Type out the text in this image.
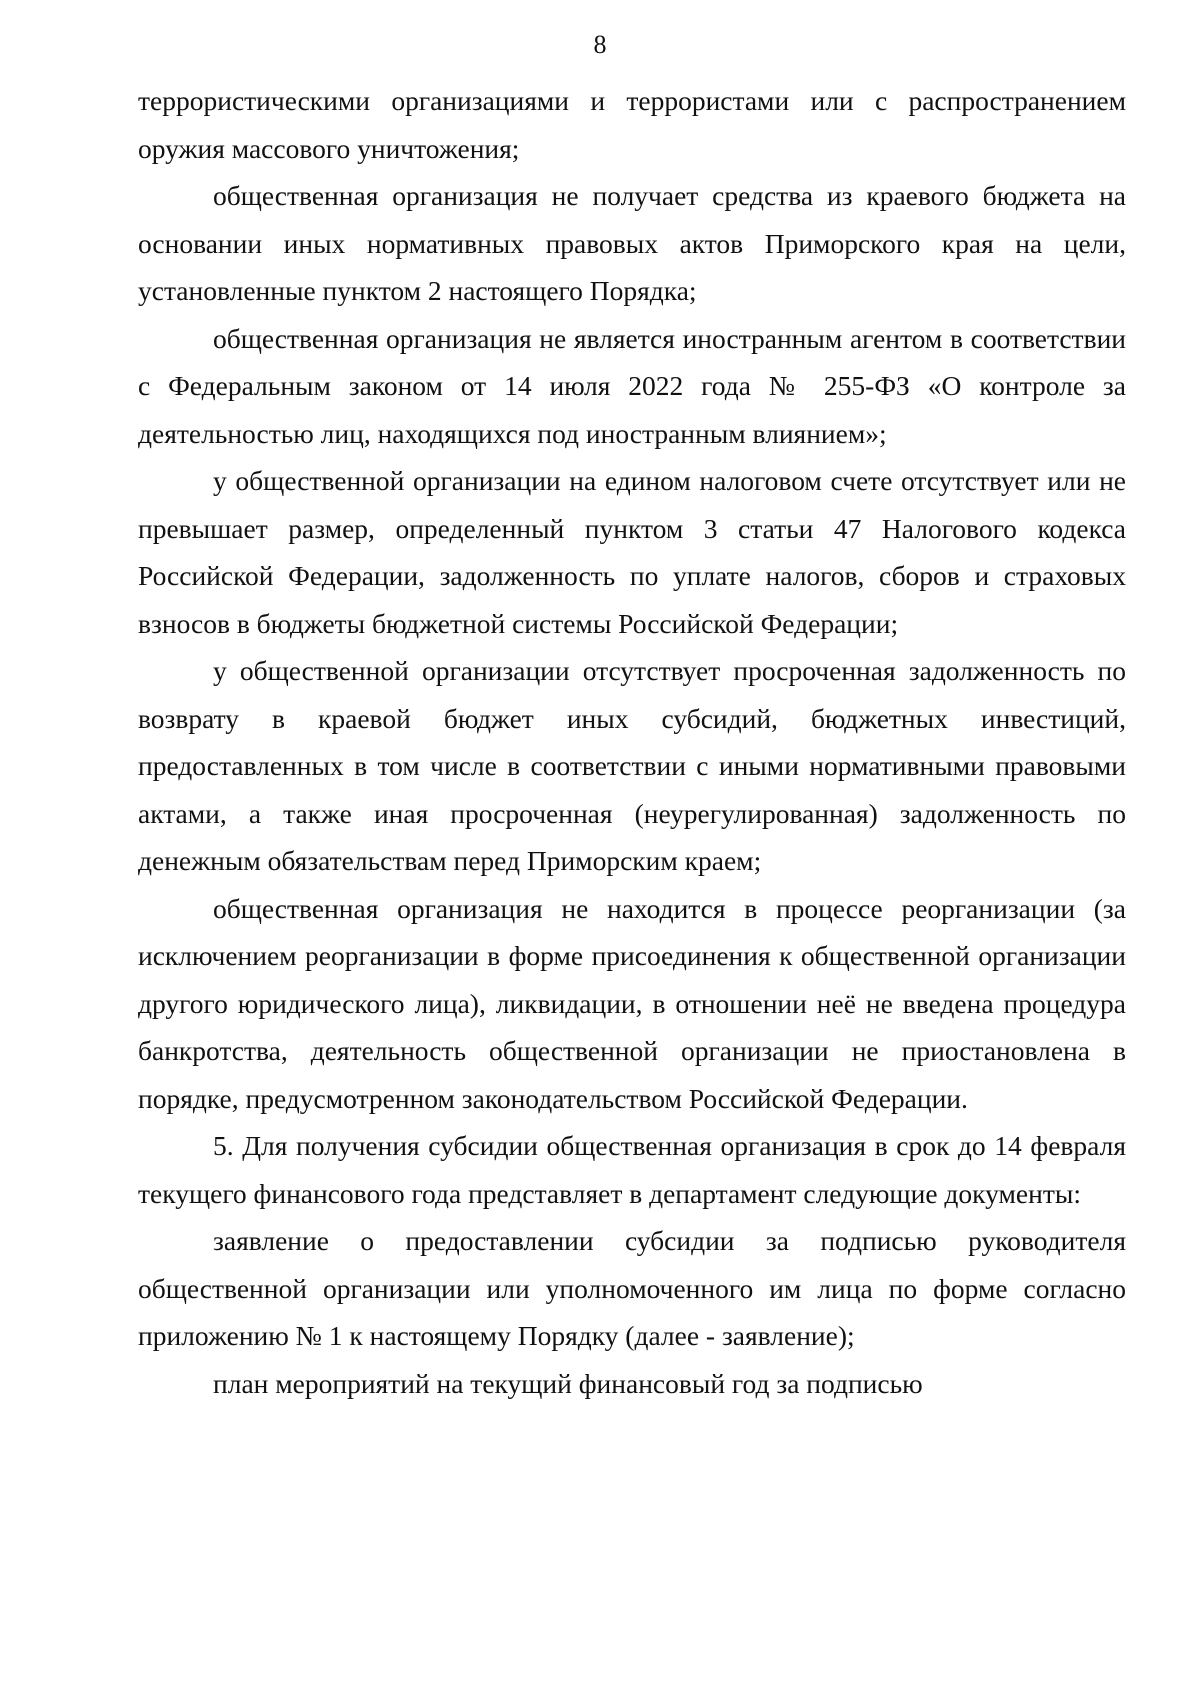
8

террористическими организациями и террористами или с распространением оружия массового уничтожения;

общественная организация не получает средства из краевого бюджета на основании иных нормативных правовых актов Приморского края на цели, установленные пунктом 2 настоящего Порядка;

общественная организация не является иностранным агентом в соответствии с Федеральным законом от 14 июля 2022 года № 255-ФЗ «О контроле за деятельностью лиц, находящихся под иностранным влиянием»;

у общественной организации на едином налоговом счете отсутствует или не превышает размер, определенный пунктом 3 статьи 47 Налогового кодекса Российской Федерации, задолженность по уплате налогов, сборов и страховых взносов в бюджеты бюджетной системы Российской Федерации;

у общественной организации отсутствует просроченная задолженность по возврату в краевой бюджет иных субсидий, бюджетных инвестиций, предоставленных в том числе в соответствии с иными нормативными правовыми актами, а также иная просроченная (неурегулированная) задолженность по денежным обязательствам перед Приморским краем;

общественная организация не находится в процессе реорганизации (за исключением реорганизации в форме присоединения к общественной организации другого юридического лица), ликвидации, в отношении неё не введена процедура банкротства, деятельность общественной организации не приостановлена в порядке, предусмотренном законодательством Российской Федерации.

5. Для получения субсидии общественная организация в срок до 14 февраля текущего финансового года представляет в департамент следующие документы:

заявление о предоставлении субсидии за подписью руководителя общественной организации или уполномоченного им лица по форме согласно приложению № 1 к настоящему Порядку (далее - заявление);

план мероприятий на текущий финансовый год за подписью
